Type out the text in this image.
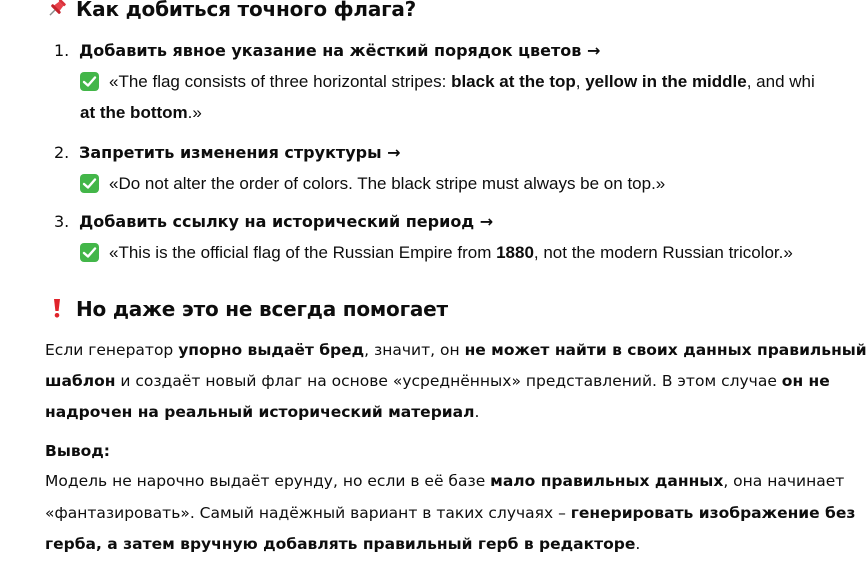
Как добиться точного флага?
1. Добавить явное указание на жёсткий порядок цветов →
«The flag consists of three horizontal stripes: black at the top, yellow in the middle, and whi
at the bottom.»
2. Запретить изменения структуры →
«Do not alter the order of colors. The black stripe must always be on top.»
3. Добавить ссылку на исторический период →
«This is the official flag of the Russian Empire from 1880, not the modern Russian tricolor.»
Но даже это не всегда помогает
Если генератор упорно выдаёт бред, значит, он не может найти в своих данных правильный
шаблон и создаёт новый флаг на основе «усреднённых» представлений. В этом случае он не
надрочен на реальный исторический материал.
Вывод:
Модель не нарочно выдаёт ерунду, но если в её базе мало правильных данных, она начинает
«фантазировать». Самый надёжный вариант в таких случаях – генерировать изображение без
герба, а затем вручную добавлять правильный герб в редакторе.
